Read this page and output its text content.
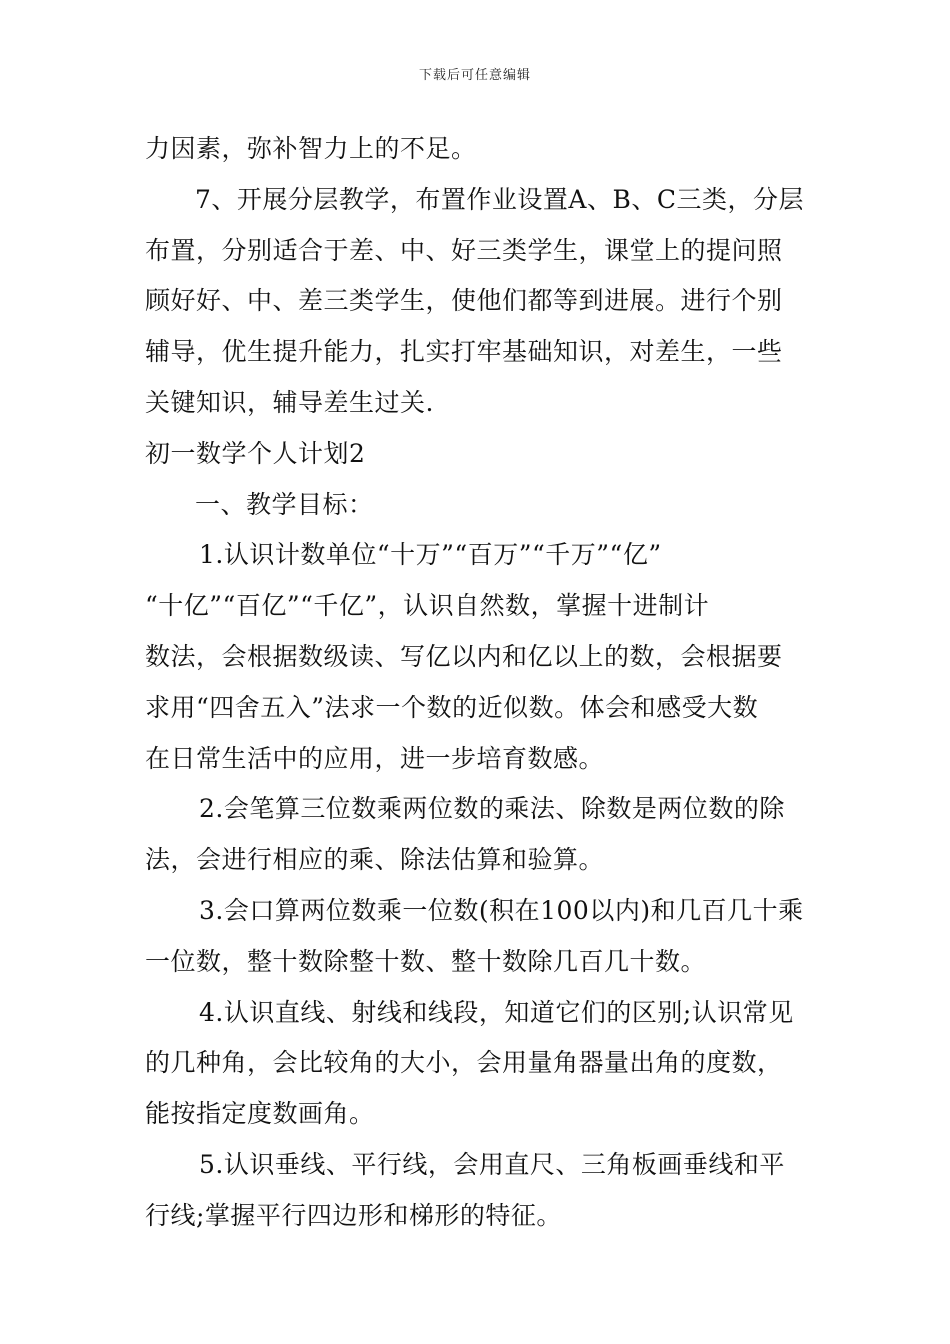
下载后可任意编辑
力因素，弥补智力上的不足。
7、开展分层教学，布置作业设置A、B、C三类，分层
布置，分别适合于差、中、好三类学生，课堂上的提问照
顾好好、中、差三类学生，使他们都等到进展。进行个别
辅导，优生提升能力，扎实打牢基础知识，对差生，一些
关键知识，辅导差生过关.
初一数学个人计划2
一、教学目标：
1.认识计数单位“十万”“百万”“千万”“亿”
“十亿”“百亿”“千亿”，认识自然数，掌握十进制计
数法，会根据数级读、写亿以内和亿以上的数，会根据要
求用“四舍五入”法求一个数的近似数。体会和感受大数
在日常生活中的应用，进一步培育数感。
2.会笔算三位数乘两位数的乘法、除数是两位数的除
法，会进行相应的乘、除法估算和验算。
3.会口算两位数乘一位数(积在100以内)和几百几十乘
一位数，整十数除整十数、整十数除几百几十数。
4.认识直线、射线和线段，知道它们的区别;认识常见
的几种角，会比较角的大小，会用量角器量出角的度数，
能按指定度数画角。
5.认识垂线、平行线，会用直尺、三角板画垂线和平
行线;掌握平行四边形和梯形的特征。
